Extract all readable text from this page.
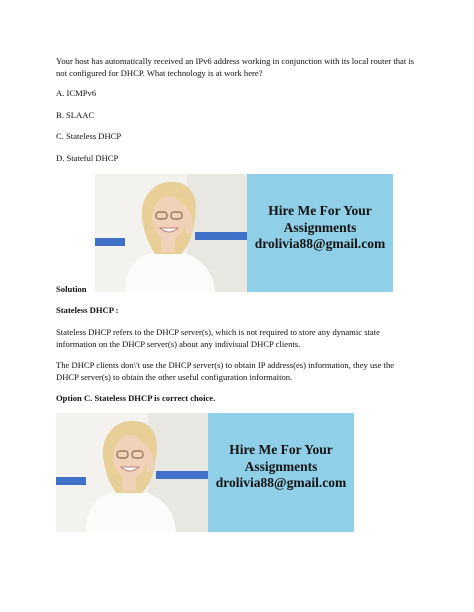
Your host has automatically received an IPv6 address working in conjunction with its local router that is not configured for DHCP. What technology is at work here?

A. ICMPv6

B. SLAAC

C. Stateless DHCP

D. Stateful DHCP

Hire Me For Your
Assignments
drolivia88@gmail.com

Solution

Stateless DHCP :

Stateless DHCP refers to the DHCP server(s), which is not required to store any dynamic state information on the DHCP server(s) about any indivisual DHCP clients.

The DHCP clients don\'t use the DHCP server(s) to obtain IP address(es) information, they use the DHCP server(s) to obtain the other useful configuration informaiton.

Option C. Stateless DHCP is correct choice.

Hire Me For Your
Assignments
drolivia88@gmail.com
